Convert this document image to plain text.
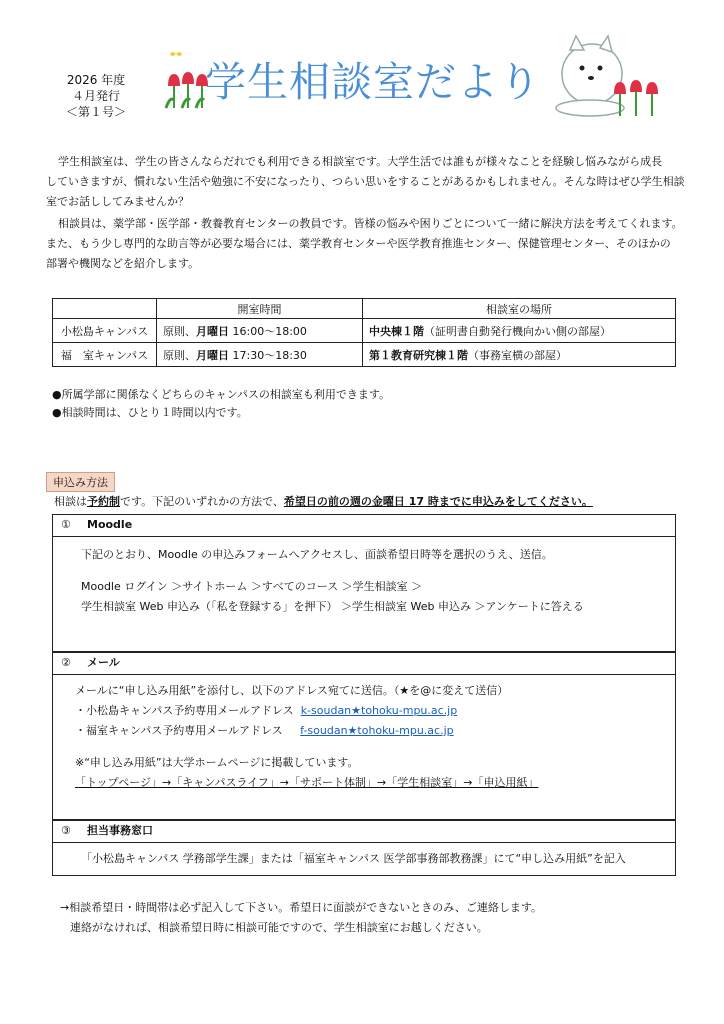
2026 年度
４月発行
＜第１号＞
学生相談室だより
学生相談室は、学生の皆さんならだれでも利用できる相談室です。大学生活では誰もが様々なことを経験し悩みながら成長
していきますが、慣れない生活や勉強に不安になったり、つらい思いをすることがあるかもしれません。そんな時はぜひ学生相談
室でお話ししてみませんか？
相談員は、薬学部・医学部・教養教育センターの教員です。皆様の悩みや困りごとについて一緒に解決方法を考えてくれます。
また、もう少し専門的な助言等が必要な場合には、薬学教育センターや医学教育推進センター、保健管理センター、そのほかの
部署や機関などを紹介します。
	開室時間	相談室の場所
小松島キャンパス	原則、月曜日 16:00～18:00	中央棟１階（証明書自動発行機向かい側の部屋）
福　室キャンパス	原則、月曜日 17:30～18:30	第１教育研究棟１階（事務室横の部屋）
●所属学部に関係なくどちらのキャンパスの相談室も利用できます。
●相談時間は、ひとり１時間以内です。
申込み方法
相談は予約制です。下記のいずれかの方法で、希望日の前の週の金曜日 17 時までに申込みをしてください。
① Moodle
下記のとおり、Moodle の申込みフォームへアクセスし、面談希望日時等を選択のうえ、送信。
Moodle ログイン ＞サイトホーム ＞すべてのコース ＞学生相談室 ＞
学生相談室 Web 申込み（「私を登録する」を押下） ＞学生相談室 Web 申込み ＞アンケートに答える
② メール
メールに“申し込み用紙”を添付し、以下のアドレス宛てに送信。（★を@に変えて送信）
・小松島キャンパス予約専用メールアドレス k-soudan★tohoku-mpu.ac.jp
・福室キャンパス予約専用メールアドレス f-soudan★tohoku-mpu.ac.jp
※“申し込み用紙”は大学ホームページに掲載しています。
「トップページ」→「キャンパスライフ」→「サポート体制」→「学生相談室」→「申込用紙」
③ 担当事務窓口
「小松島キャンパス 学務部学生課」または「福室キャンパス 医学部事務部教務課」にて“申し込み用紙”を記入
→相談希望日・時間帯は必ず記入して下さい。希望日に面談ができないときのみ、ご連絡します。
連絡がなければ、相談希望日時に相談可能ですので、学生相談室にお越しください。
